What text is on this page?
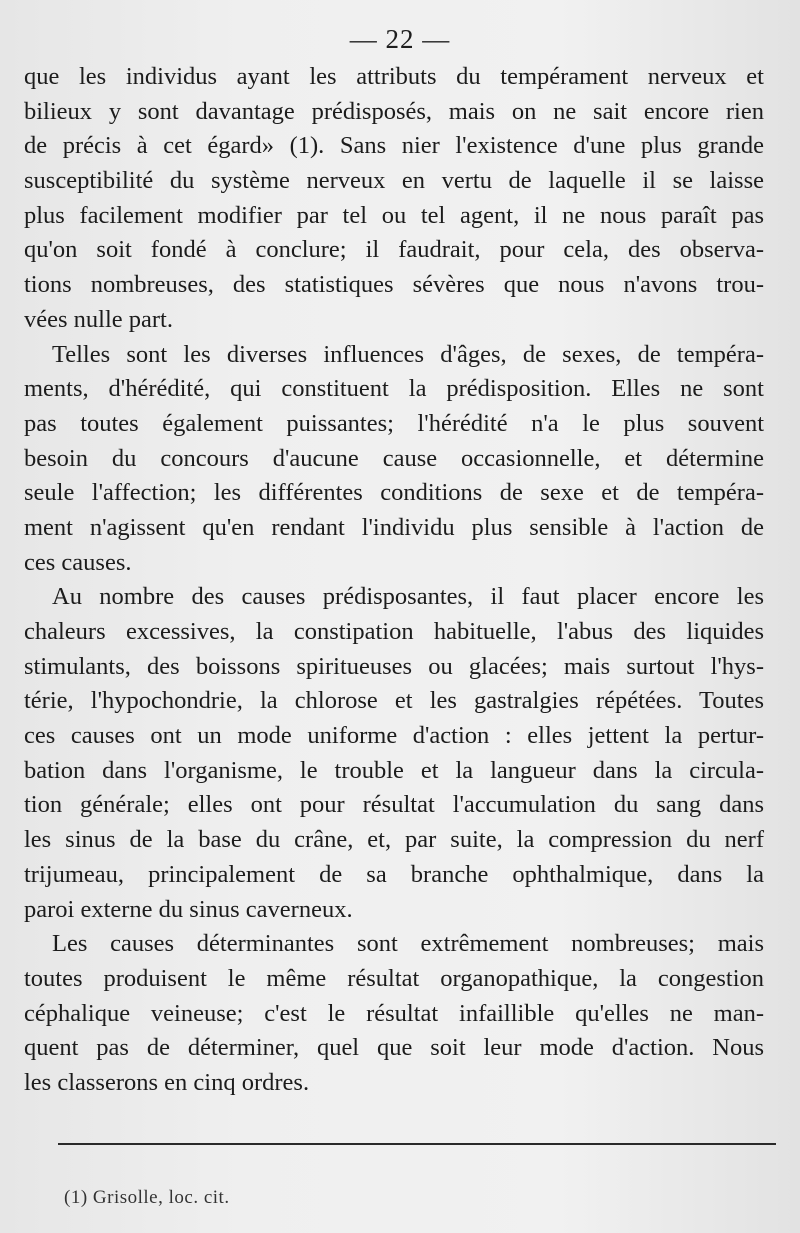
— 22 —
que les individus ayant les attributs du tempérament nerveux et
bilieux y sont davantage prédisposés, mais on ne sait encore rien
de précis à cet égard» (1). Sans nier l'existence d'une plus grande
susceptibilité du système nerveux en vertu de laquelle il se laisse
plus facilement modifier par tel ou tel agent, il ne nous paraît pas
qu'on soit fondé à conclure; il faudrait, pour cela, des observa-
tions nombreuses, des statistiques sévères que nous n'avons trou-
vées nulle part.
Telles sont les diverses influences d'âges, de sexes, de tempéra-
ments, d'hérédité, qui constituent la prédisposition. Elles ne sont
pas toutes également puissantes; l'hérédité n'a le plus souvent
besoin du concours d'aucune cause occasionnelle, et détermine
seule l'affection; les différentes conditions de sexe et de tempéra-
ment n'agissent qu'en rendant l'individu plus sensible à l'action de
ces causes.
Au nombre des causes prédisposantes, il faut placer encore les
chaleurs excessives, la constipation habituelle, l'abus des liquides
stimulants, des boissons spiritueuses ou glacées; mais surtout l'hys-
térie, l'hypochondrie, la chlorose et les gastralgies répétées. Toutes
ces causes ont un mode uniforme d'action : elles jettent la pertur-
bation dans l'organisme, le trouble et la langueur dans la circula-
tion générale; elles ont pour résultat l'accumulation du sang dans
les sinus de la base du crâne, et, par suite, la compression du nerf
trijumeau, principalement de sa branche ophthalmique, dans la
paroi externe du sinus caverneux.
Les causes déterminantes sont extrêmement nombreuses; mais
toutes produisent le même résultat organopathique, la congestion
céphalique veineuse; c'est le résultat infaillible qu'elles ne man-
quent pas de déterminer, quel que soit leur mode d'action. Nous
les classerons en cinq ordres.
(1) Grisolle, loc. cit.
